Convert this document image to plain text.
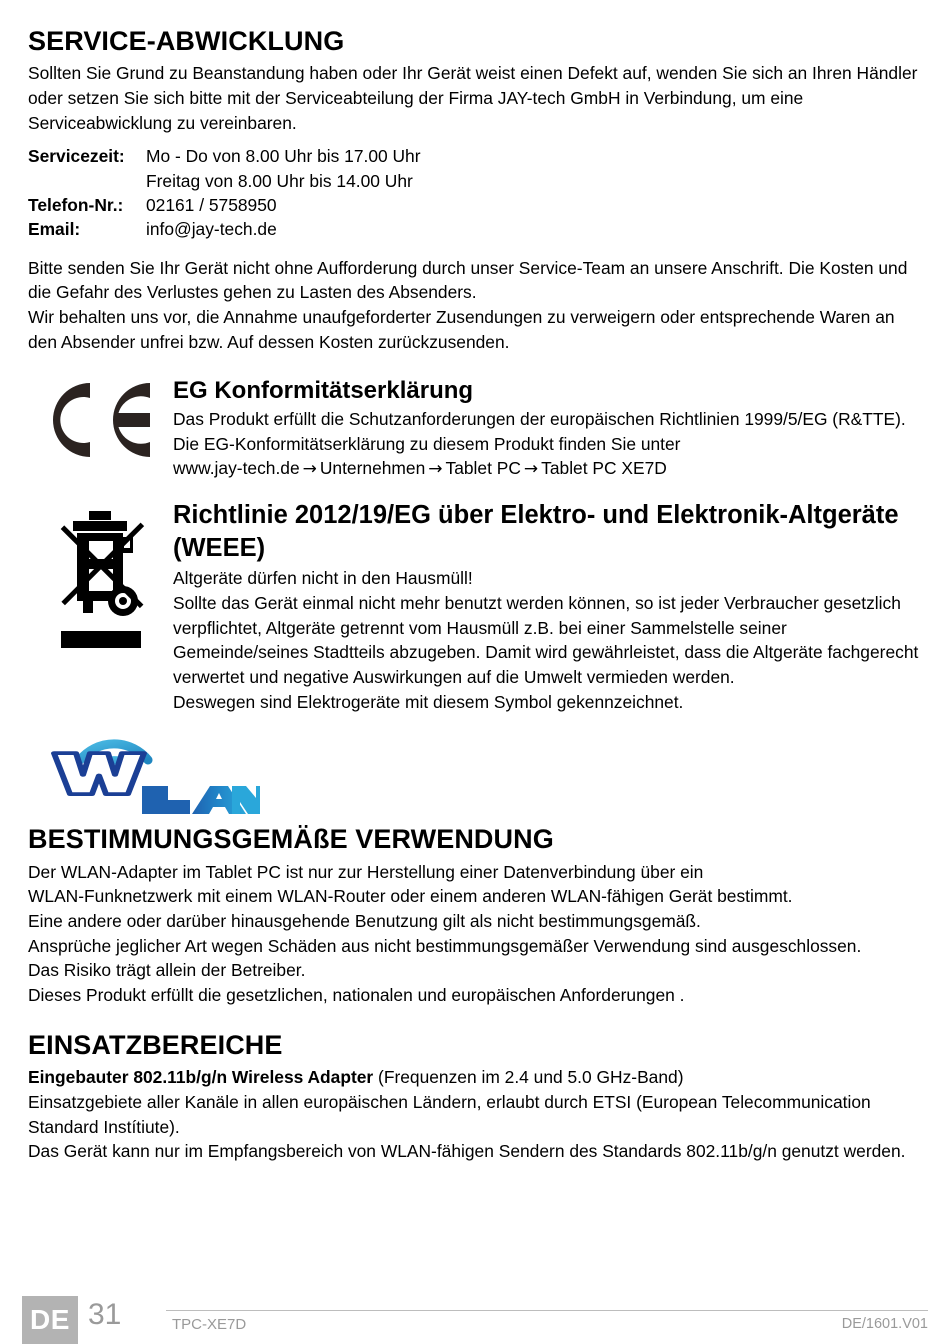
SERVICE-ABWICKLUNG

Sollten Sie Grund zu Beanstandung haben oder Ihr Gerät weist einen Defekt auf, wenden Sie sich an Ihren Händler oder setzen Sie sich bitte mit der Serviceabteilung der Firma JAY-tech GmbH in Verbindung, um eine Serviceabwicklung zu vereinbaren.

Servicezeit:	Mo - Do von 8.00 Uhr bis 17.00 Uhr
Freitag von 8.00 Uhr bis 14.00 Uhr
Telefon-Nr.:	02161 / 5758950
Email:	info@jay-tech.de

Bitte senden Sie Ihr Gerät nicht ohne Aufforderung durch unser Service-Team an unsere Anschrift. Die Kosten und die Gefahr des Verlustes gehen zu Lasten des Absenders.

Wir behalten uns vor, die Annahme unaufgeforderter Zusendungen zu verweigern oder entsprechende Waren an den Absender unfrei bzw. Auf dessen Kosten zurückzusenden.

EG Konformitätserklärung

Das Produkt erfüllt die Schutzanforderungen der europäischen Richtlinien 1999/5/EG (R&TTE).

Die EG-Konformitätserklärung zu diesem Produkt finden Sie unter

www.jay-tech.de → Unternehmen → Tablet PC → Tablet PC XE7D

Richtlinie 2012/19/EG über Elektro- und Elektronik-Altgeräte (WEEE)

Altgeräte dürfen nicht in den Hausmüll!

Sollte das Gerät einmal nicht mehr benutzt werden können, so ist jeder Verbraucher gesetzlich verpflichtet, Altgeräte getrennt vom Hausmüll z.B. bei einer Sammelstelle seiner Gemeinde/seines Stadtteils abzugeben. Damit wird gewährleistet, dass die Altgeräte fachgerecht verwertet und negative Auswirkungen auf die Umwelt vermieden werden.

Deswegen sind Elektrogeräte mit diesem Symbol gekennzeichnet.

BESTIMMUNGSGEMÄßE VERWENDUNG

Der WLAN-Adapter im Tablet PC ist nur zur Herstellung einer Datenverbindung über ein

WLAN-Funknetzwerk mit einem WLAN-Router oder einem anderen WLAN-fähigen Gerät bestimmt.

Eine andere oder darüber hinausgehende Benutzung gilt als nicht bestimmungsgemäß.

Ansprüche jeglicher Art wegen Schäden aus nicht bestimmungsgemäßer Verwendung sind ausgeschlossen.

Das Risiko trägt allein der Betreiber.

Dieses Produkt erfüllt die gesetzlichen, nationalen und europäischen Anforderungen .

EINSATZBEREICHE

Eingebauter 802.11b/g/n Wireless Adapter (Frequenzen im 2.4 und 5.0 GHz-Band)

Einsatzgebiete aller Kanäle in allen europäischen Ländern, erlaubt durch ETSI (European Telecommunication Standard Instítiute).

Das Gerät kann nur im Empfangsbereich von WLAN-fähigen Sendern des Standards 802.11b/g/n genutzt werden.

DE 31	TPC-XE7D	DE/1601.V01
